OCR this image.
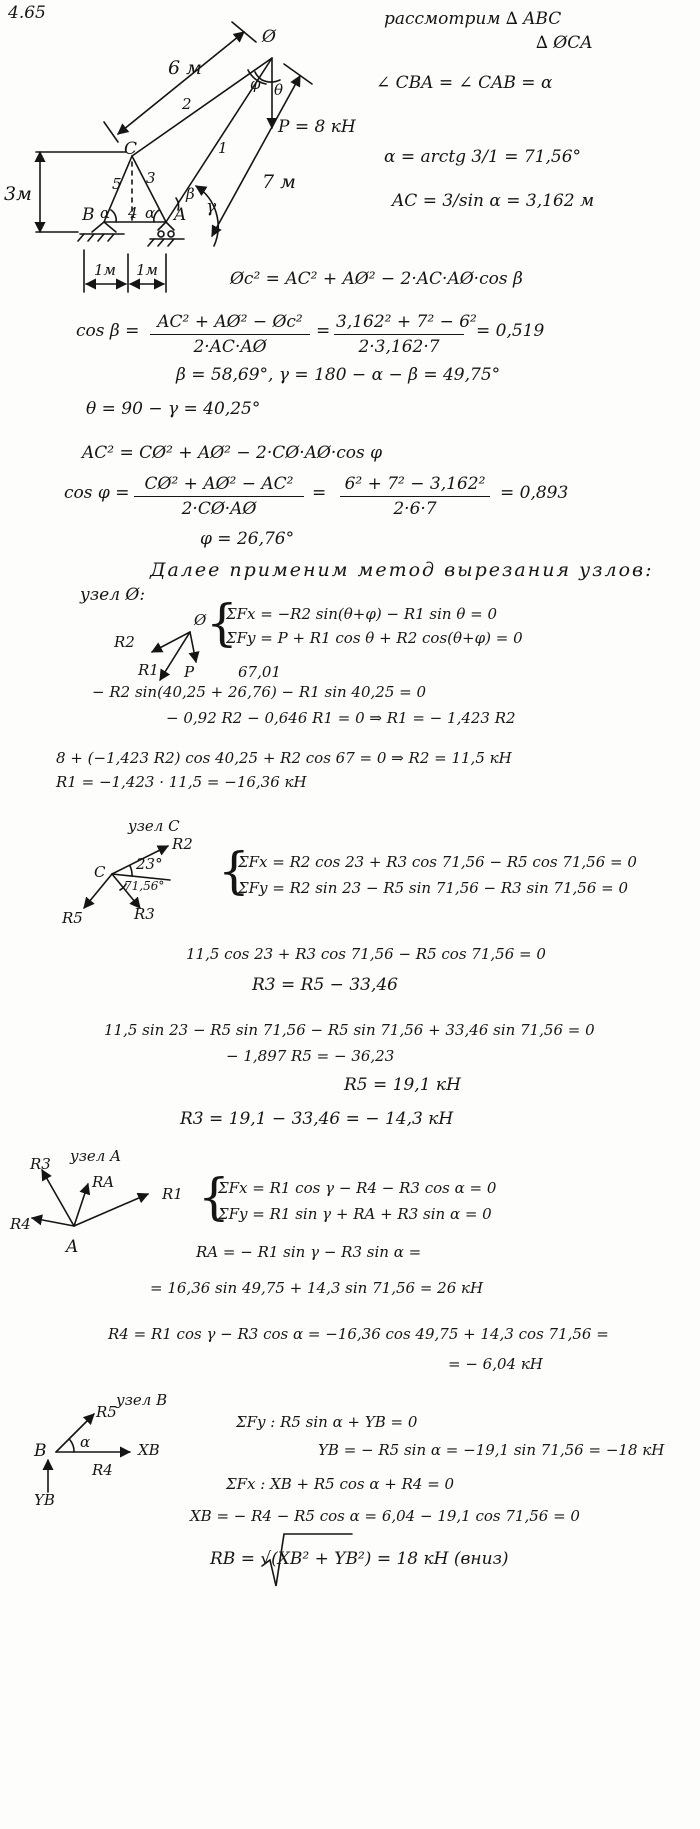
4.65
6 м
7 м
3м
1м 1м
P = 8 кН
Ø
C
B	A
1
2
3
4
5
α α
β
γ
φ θ
рассмотрим ∆ ABC
∆ ØCA
∠ CBA = ∠ CAB = α
α = arctg 3/1 = 71,56°
AC = 3/sin α = 3,162 м
Øc² = AC² + AØ² − 2·AC·AØ·cos β
cos β =	AC² + AØ² − Øc²
2·AC·AØ
= 3,162² + 7² − 6²
2·3,162·7
= 0,519
β = 58,69°, γ = 180 − α − β = 49,75°
θ = 90 − γ = 40,25°
AC² = CØ² + AØ² − 2·CØ·AØ·cos φ
cos φ = CØ² + AØ² − AC²
2·CØ·AØ
= 6² + 7² − 3,162²
2·6·7
= 0,893
φ = 26,76°
Далее применим метод вырезания узлов:
узел Ø:
Ø
R2
R1 P
{
ΣFx = −R2 sin(θ+φ) − R1 sin θ = 0
ΣFy = P + R1 cos θ + R2 cos(θ+φ) = 0
67,01
− R2 sin(40,25 + 26,76) − R1 sin 40,25 = 0
− 0,92 R2 − 0,646 R1 = 0 ⇒ R1 = − 1,423 R2
8 + (−1,423 R2) cos 40,25 + R2 cos 67 = 0 ⇒ R2 = 11,5 кН
R1 = −1,423 · 11,5 = −16,36 кН
узел C
C
R2
R3
R5
23°
71,56° {
ΣFx = R2 cos 23 + R3 cos 71,56 − R5 cos 71,56 = 0
ΣFy = R2 sin 23 − R5 sin 71,56 − R3 sin 71,56 = 0
11,5 cos 23 + R3 cos 71,56 − R5 cos 71,56 = 0
R3 = R5 − 33,46
11,5 sin 23 − R5 sin 71,56 − R5 sin 71,56 + 33,46 sin 71,56 = 0
− 1,897 R5 = − 36,23
R5 = 19,1 кН
R3 = 19,1 − 33,46 = − 14,3 кН
узел A
R3
RA
R1
R4
A
{
ΣFx = R1 cos γ − R4 − R3 cos α = 0
ΣFy = R1 sin γ + RA + R3 sin α = 0
RA = − R1 sin γ − R3 sin α =
= 16,36 sin 49,75 + 14,3 sin 71,56 = 26 кН
R4 = R1 cos γ − R3 cos α = −16,36 cos 49,75 + 14,3 cos 71,56 =
= − 6,04 кН
узел B
R5
B α	XB
R4
YB
ΣFy : R5 sin α + YB = 0
YB = − R5 sin α = −19,1 sin 71,56 = −18 кН
ΣFx : XB + R5 cos α + R4 = 0
XB = − R4 − R5 cos α = 6,04 − 19,1 cos 71,56 = 0
RB = √(XB² + YB²) = 18 кН (вниз)
